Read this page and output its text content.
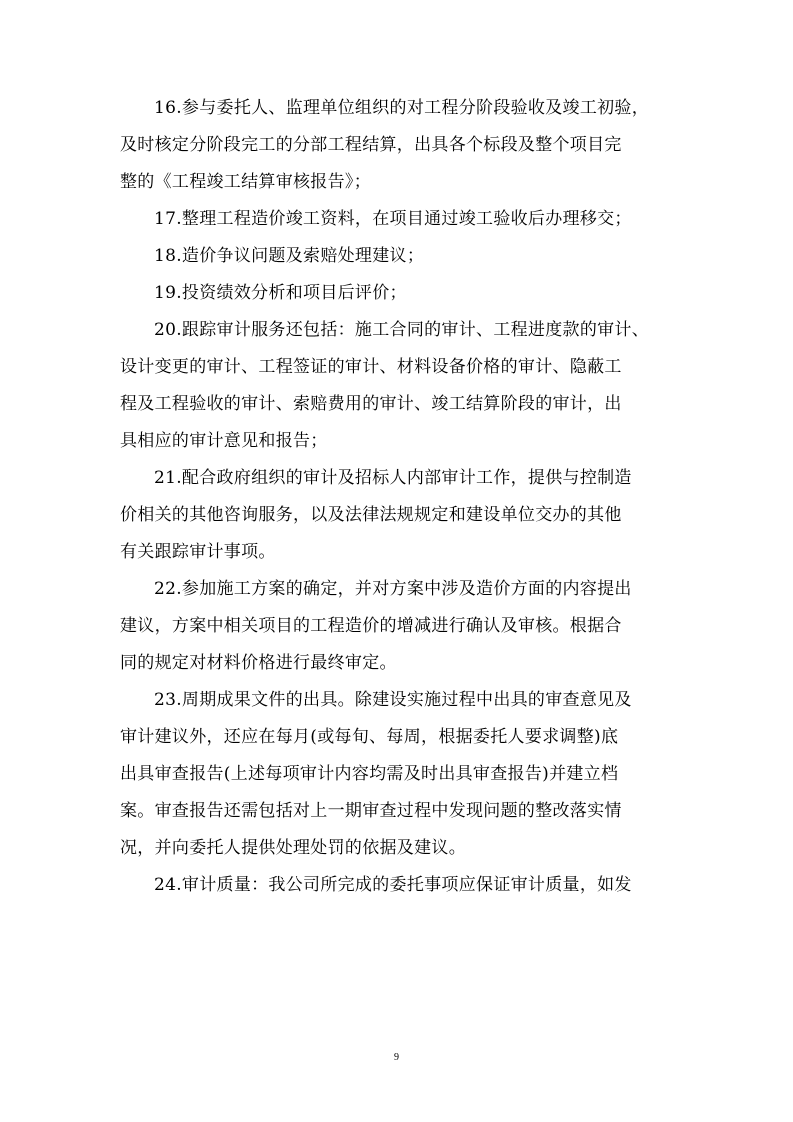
16.参与委托人、监理单位组织的对工程分阶段验收及竣工初验，
及时核定分阶段完工的分部工程结算，出具各个标段及整个项目完
整的《工程竣工结算审核报告》；
17.整理工程造价竣工资料，在项目通过竣工验收后办理移交；
18.造价争议问题及索赔处理建议；
19.投资绩效分析和项目后评价；
20.跟踪审计服务还包括：施工合同的审计、工程进度款的审计、
设计变更的审计、工程签证的审计、材料设备价格的审计、隐蔽工
程及工程验收的审计、索赔费用的审计、竣工结算阶段的审计，出
具相应的审计意见和报告；
21.配合政府组织的审计及招标人内部审计工作，提供与控制造
价相关的其他咨询服务，以及法律法规规定和建设单位交办的其他
有关跟踪审计事项。
22.参加施工方案的确定，并对方案中涉及造价方面的内容提出
建议，方案中相关项目的工程造价的增减进行确认及审核。根据合
同的规定对材料价格进行最终审定。
23.周期成果文件的出具。除建设实施过程中出具的审查意见及
审计建议外，还应在每月(或每旬、每周，根据委托人要求调整)底
出具审查报告(上述每项审计内容均需及时出具审查报告)并建立档
案。审查报告还需包括对上一期审查过程中发现问题的整改落实情
况，并向委托人提供处理处罚的依据及建议。
24.审计质量：我公司所完成的委托事项应保证审计质量，如发
9
